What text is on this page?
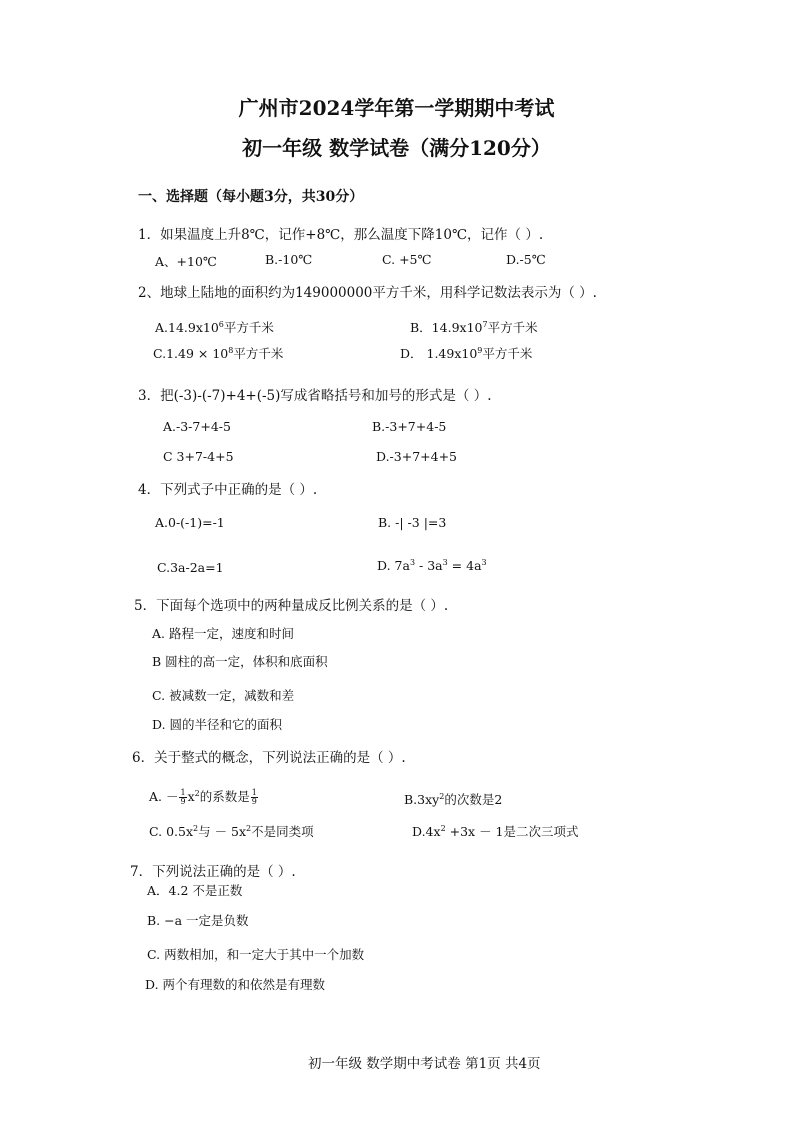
广州市2024学年第一学期期中考试
初一年级 数学试卷（满分120分）
一、选择题（每小题3分，共30分）
1．如果温度上升8℃，记作+8℃，那么温度下降10℃，记作（ ）.
A、+10℃	B.-10℃	C. +5℃	D.-5℃
2、地球上陆地的面积约为149000000平方千米，用科学记数法表示为（ ）.
$A.14.9x10^6$平方千米	B．$14.9x10^7$平方千米
$C.1.49 \times 10^8$平方千米	D． $1.49x10^9$平方千米
3．把(-3)-(-7)+4+(-5)写成省略括号和加号的形式是（ ）.
A.-3-7+4-5	B.-3+7+4-5
C 3+7-4+5	D.-3+7+4+5
4．下列式子中正确的是（ ）.
A.0-(-1)=-1	B. -| -3 |=3
C.3a-2a=1	D. $7a^3 - 3a^3 = 4a^3$
5．下面每个选项中的两种量成反比例关系的是（ ）.
A. 路程一定，速度和时间
B 圆柱的高一定，体积和底面积
C. 被减数一定，减数和差
D. 圆的半径和它的面积
6．关于整式的概念，下列说法正确的是（ ）.
A. － $\frac{1}{9} x^2$的系数是 $\frac{1}{9}$	$B.3xy^2$的次数是2
C. $0.5x^2$与 － $5x^2$不是同类项	$D.4x^2 +3x - 1$是二次三项式
7．下列说法正确的是（ ）.
A．4.2 不是正数
B. −a 一定是负数
C. 两数相加，和一定大于其中一个加数
D. 两个有理数的和依然是有理数
初一年级 数学期中考试卷 第1页 共4页
